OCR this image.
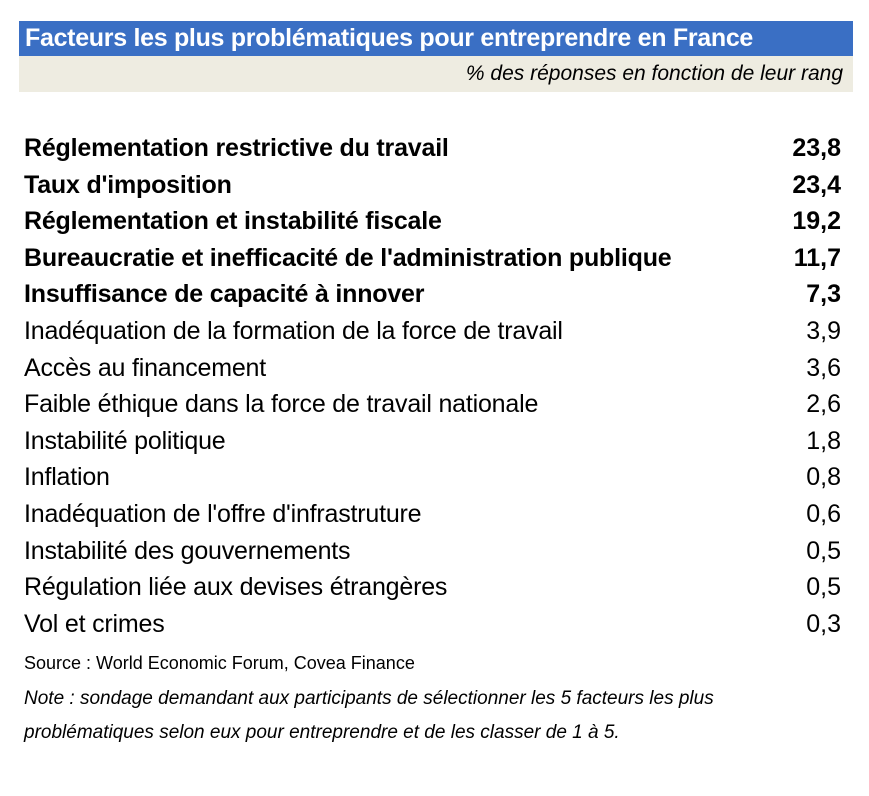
Facteurs les plus problématiques pour entreprendre en France
% des réponses en fonction de leur rang
Réglementation restrictive du travail	23,8
Taux d'imposition	23,4
Réglementation et instabilité fiscale	19,2
Bureaucratie et inefficacité de l'administration publique	11,7
Insuffisance de capacité à innover	7,3
Inadéquation de la formation de la force de travail	3,9
Accès au financement	3,6
Faible éthique dans la force de travail nationale	2,6
Instabilité politique	1,8
Inflation	0,8
Inadéquation de l'offre d'infrastruture	0,6
Instabilité des gouvernements	0,5
Régulation liée aux devises étrangères	0,5
Vol et crimes	0,3
Source : World Economic Forum, Covea Finance
Note : sondage demandant aux participants de sélectionner les 5 facteurs les plus problématiques selon eux pour entreprendre et de les classer de 1 à 5.
